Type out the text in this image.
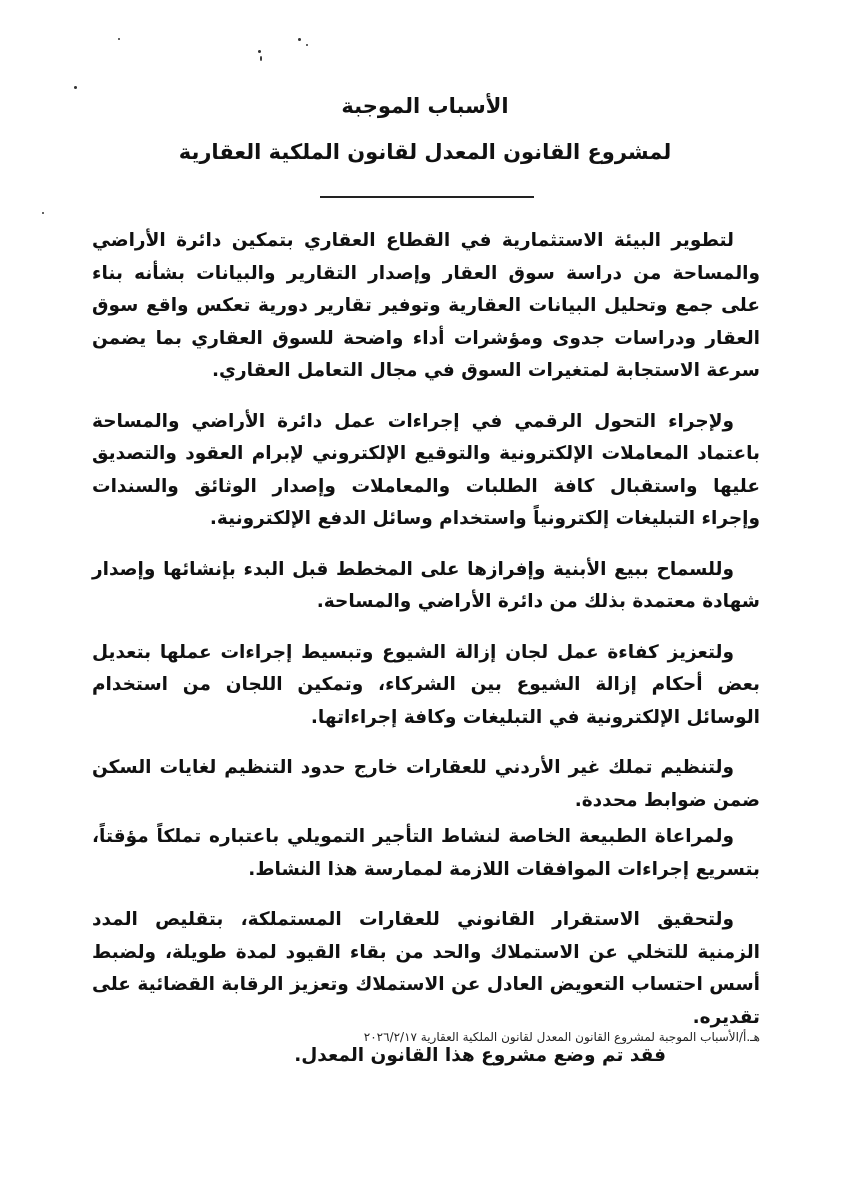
الأسباب الموجبة
لمشروع القانون المعدل لقانون الملكية العقارية

لتطوير البيئة الاستثمارية في القطاع العقاري بتمكين دائرة الأراضي والمساحة من دراسة سوق العقار وإصدار التقارير والبيانات بشأنه بناء على جمع وتحليل البيانات العقارية وتوفير تقارير دورية تعكس واقع سوق العقار ودراسات جدوى ومؤشرات أداء واضحة للسوق العقاري بما يضمن سرعة الاستجابة لمتغيرات السوق في مجال التعامل العقاري.

ولإجراء التحول الرقمي في إجراءات عمل دائرة الأراضي والمساحة باعتماد المعاملات الإلكترونية والتوقيع الإلكتروني لإبرام العقود والتصديق عليها واستقبال كافة الطلبات والمعاملات وإصدار الوثائق والسندات وإجراء التبليغات إلكترونياً واستخدام وسائل الدفع الإلكترونية.

وللسماح ببيع الأبنية وإفرازها على المخطط قبل البدء بإنشائها وإصدار شهادة معتمدة بذلك من دائرة الأراضي والمساحة.

ولتعزيز كفاءة عمل لجان إزالة الشيوع وتبسيط إجراءات عملها بتعديل بعض أحكام إزالة الشيوع بين الشركاء، وتمكين اللجان من استخدام الوسائل الإلكترونية في التبليغات وكافة إجراءاتها.

ولتنظيم تملك غير الأردني للعقارات خارج حدود التنظيم لغايات السكن ضمن ضوابط محددة.

ولمراعاة الطبيعة الخاصة لنشاط التأجير التمويلي باعتباره تملكاً مؤقتاً، بتسريع إجراءات الموافقات اللازمة لممارسة هذا النشاط.

ولتحقيق الاستقرار القانوني للعقارات المستملكة، بتقليص المدد الزمنية للتخلي عن الاستملاك والحد من بقاء القيود لمدة طويلة، ولضبط أسس احتساب التعويض العادل عن الاستملاك وتعزيز الرقابة القضائية على تقديره.

فقد تم وضع مشروع هذا القانون المعدل.

هـ.أ/الأسباب الموجبة لمشروع القانون المعدل لقانون الملكية العقارية ٢٠٢٦/٢/١٧
